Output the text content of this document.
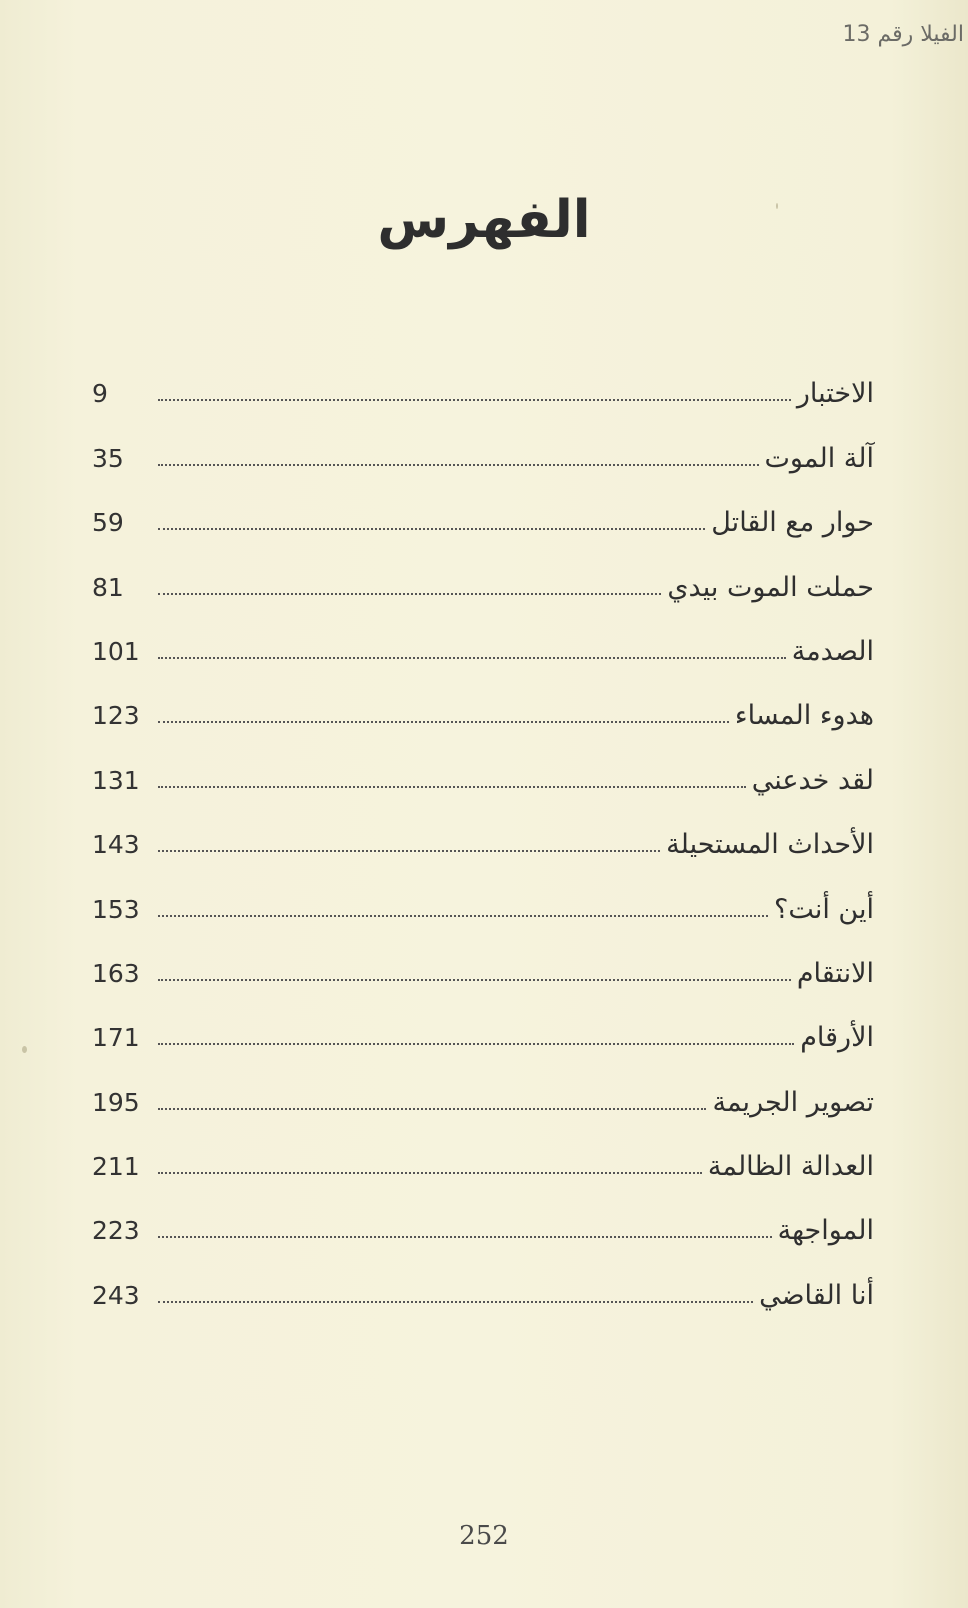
الفيلا رقم 13
الفهرس
9	الاختبار
35	آلة الموت
59	حوار مع القاتل
81	حملت الموت بيدي
101	الصدمة
123	هدوء المساء
131	لقد خدعني
143	الأحداث المستحيلة
153	أين أنت؟
163	الانتقام
171	الأرقام
195	تصوير الجريمة
211	العدالة الظالمة
223	المواجهة
243	أنا القاضي
252
